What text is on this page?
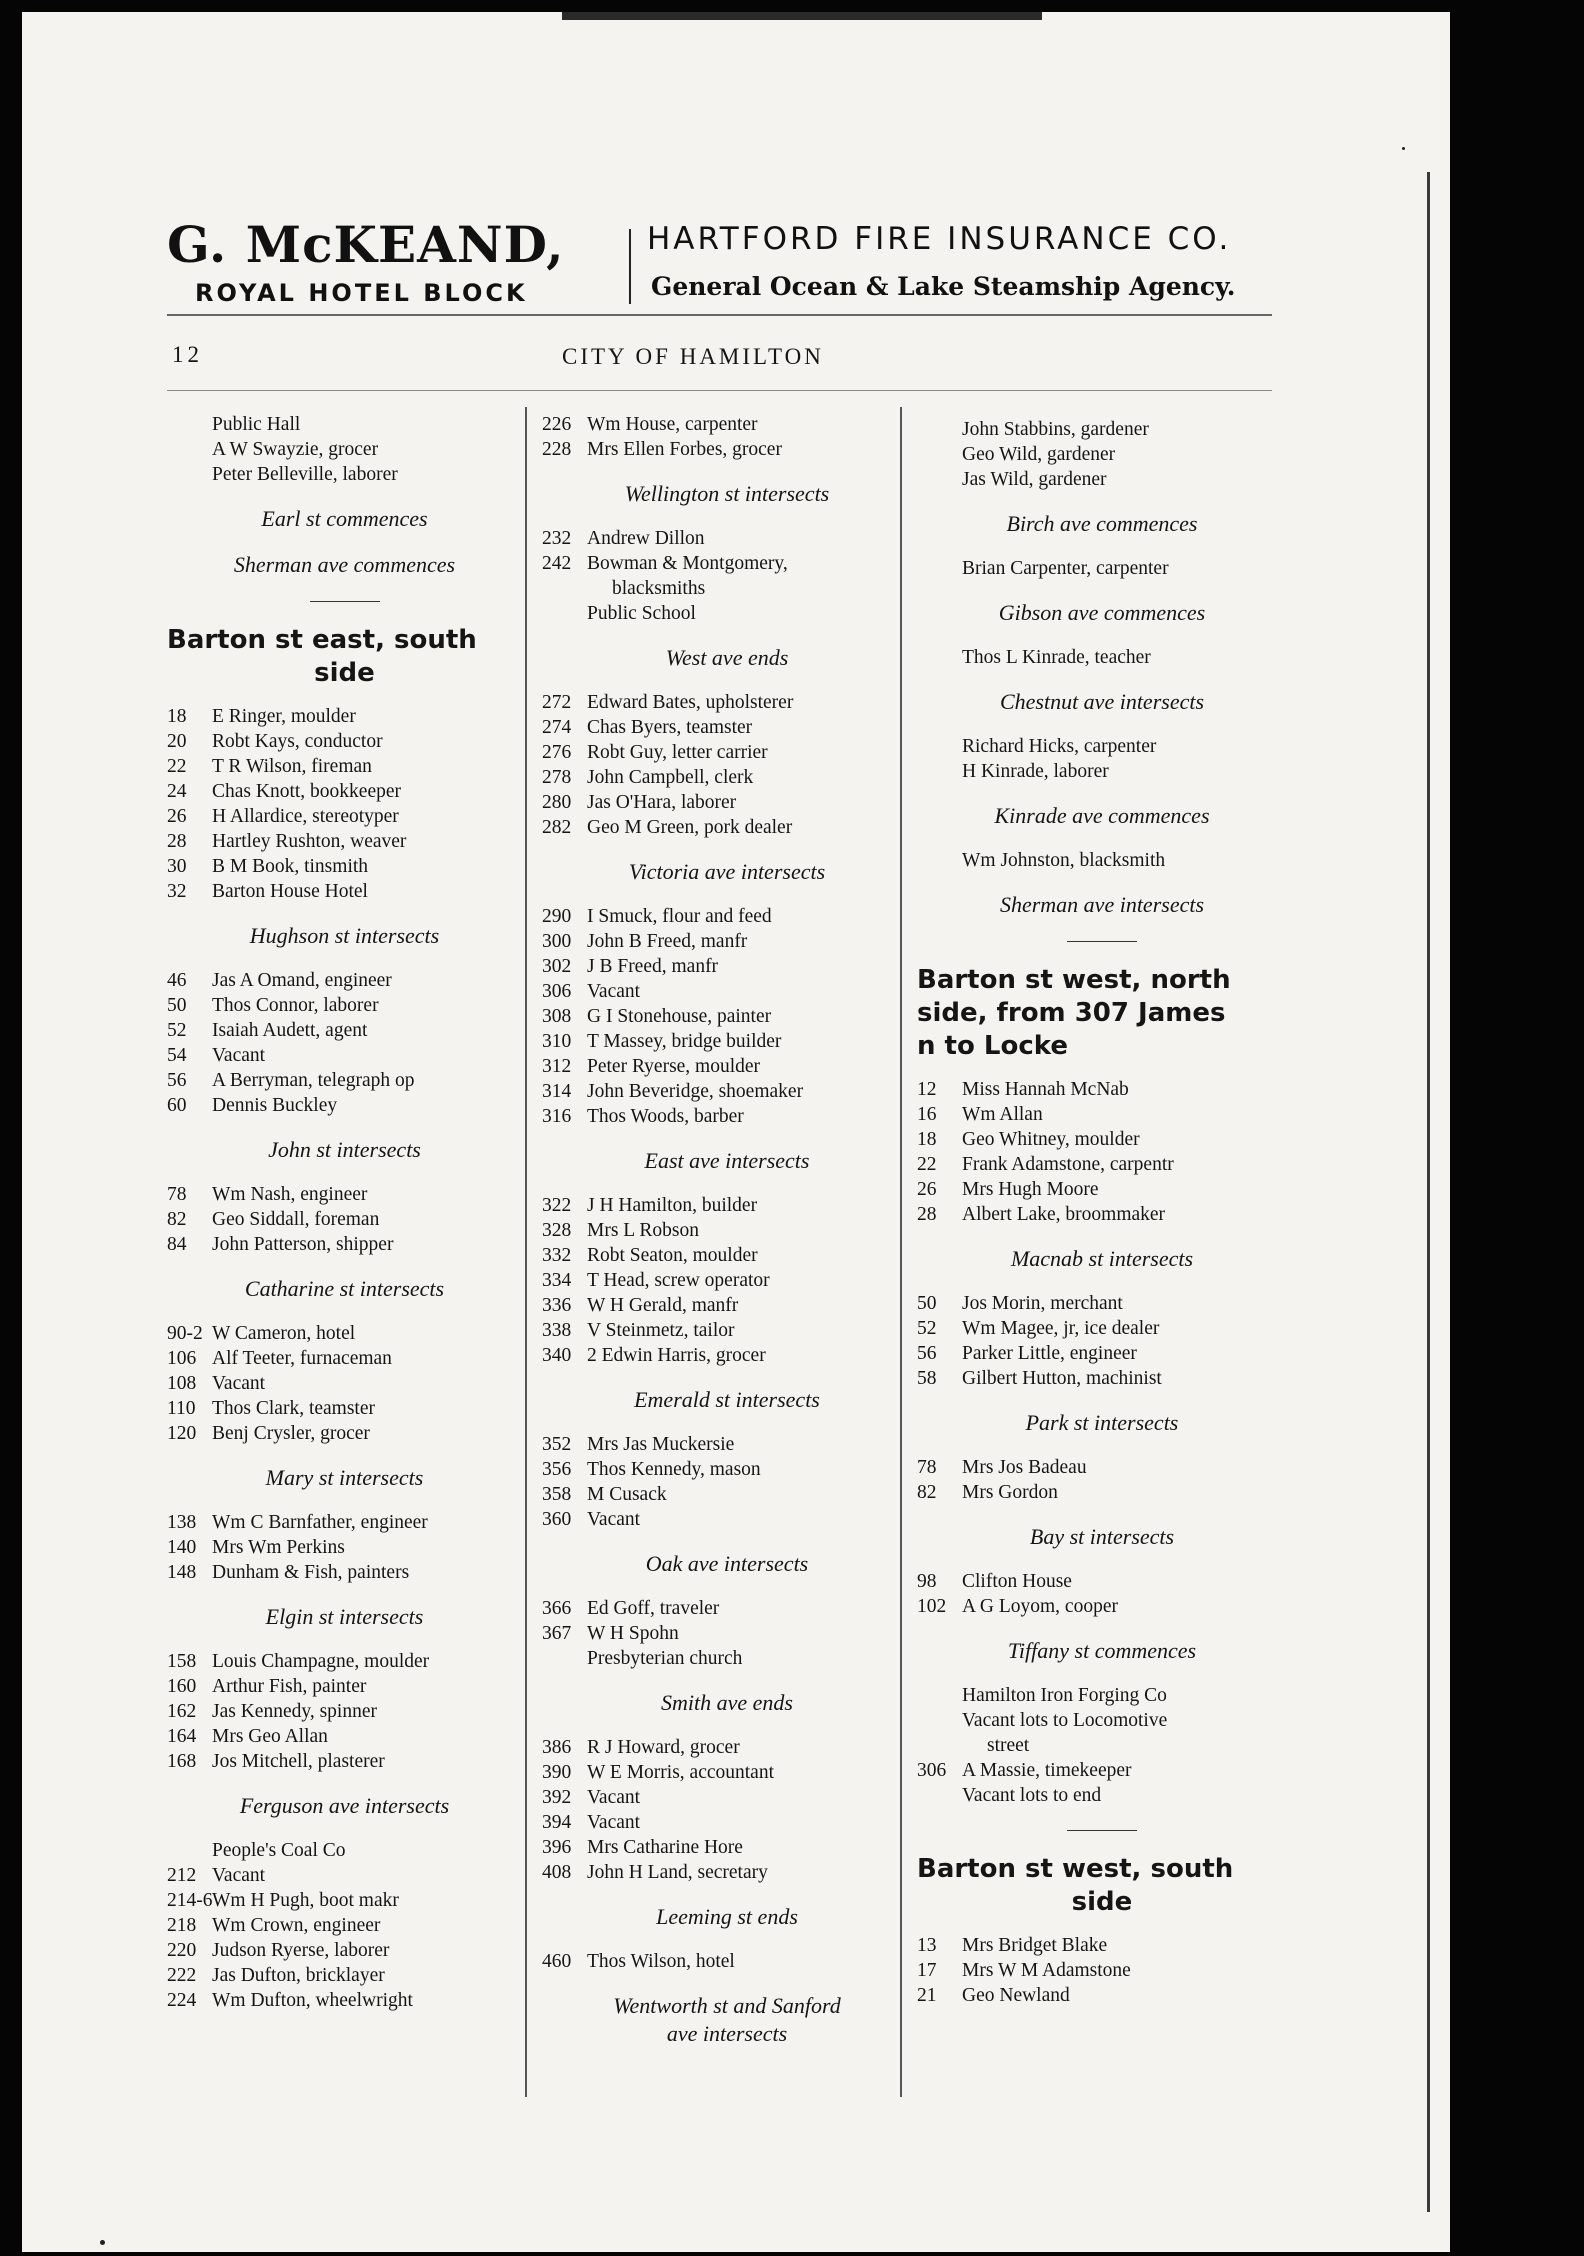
G. McKEAND,
ROYAL HOTEL BLOCK
HARTFORD FIRE INSURANCE CO.
General Ocean & Lake Steamship Agency.
12	CITY OF HAMILTON
Public Hall
A W Swayzie, grocer
Peter Belleville, laborer
Earl st commences
Sherman ave commences
Barton st east, south
side
18 E Ringer, moulder
20 Robt Kays, conductor
22 T R Wilson, fireman
24 Chas Knott, bookkeeper
26 H Allardice, stereotyper
28 Hartley Rushton, weaver
30 B M Book, tinsmith
32 Barton House Hotel
Hughson st intersects
46 Jas A Omand, engineer
50 Thos Connor, laborer
52 Isaiah Audett, agent
54 Vacant
56 A Berryman, telegraph op
60 Dennis Buckley
John st intersects
78 Wm Nash, engineer
82 Geo Siddall, foreman
84 John Patterson, shipper
Catharine st intersects
90-2 W Cameron, hotel
106 Alf Teeter, furnaceman
108 Vacant
110 Thos Clark, teamster
120 Benj Crysler, grocer
Mary st intersects
138 Wm C Barnfather, engineer
140 Mrs Wm Perkins
148 Dunham & Fish, painters
Elgin st intersects
158 Louis Champagne, moulder
160 Arthur Fish, painter
162 Jas Kennedy, spinner
164 Mrs Geo Allan
168 Jos Mitchell, plasterer
Ferguson ave intersects
People's Coal Co
212 Vacant
214-6Wm H Pugh, boot makr
218 Wm Crown, engineer
220 Judson Ryerse, laborer
222 Jas Dufton, bricklayer
224 Wm Dufton, wheelwright
226 Wm House, carpenter
228 Mrs Ellen Forbes, grocer
Wellington st intersects
232 Andrew Dillon
242 Bowman & Montgomery,
blacksmiths
Public School
West ave ends
272 Edward Bates, upholsterer
274 Chas Byers, teamster
276 Robt Guy, letter carrier
278 John Campbell, clerk
280 Jas O'Hara, laborer
282 Geo M Green, pork dealer
Victoria ave intersects
290 I Smuck, flour and feed
300 John B Freed, manfr
302 J B Freed, manfr
306 Vacant
308 G I Stonehouse, painter
310 T Massey, bridge builder
312 Peter Ryerse, moulder
314 John Beveridge, shoemaker
316 Thos Woods, barber
East ave intersects
322 J H Hamilton, builder
328 Mrs L Robson
332 Robt Seaton, moulder
334 T Head, screw operator
336 W H Gerald, manfr
338 V Steinmetz, tailor
340 2 Edwin Harris, grocer
Emerald st intersects
352 Mrs Jas Muckersie
356 Thos Kennedy, mason
358 M Cusack
360 Vacant
Oak ave intersects
366 Ed Goff, traveler
367 W H Spohn
Presbyterian church
Smith ave ends
386 R J Howard, grocer
390 W E Morris, accountant
392 Vacant
394 Vacant
396 Mrs Catharine Hore
408 John H Land, secretary
Leeming st ends
460 Thos Wilson, hotel
Wentworth st and Sanford
ave intersects
John Stabbins, gardener
Geo Wild, gardener
Jas Wild, gardener
Birch ave commences
Brian Carpenter, carpenter
Gibson ave commences
Thos L Kinrade, teacher
Chestnut ave intersects
Richard Hicks, carpenter
H Kinrade, laborer
Kinrade ave commences
Wm Johnston, blacksmith
Sherman ave intersects
Barton st west, north
side, from 307 James
n to Locke
12 Miss Hannah McNab
16 Wm Allan
18 Geo Whitney, moulder
22 Frank Adamstone, carpentr
26 Mrs Hugh Moore
28 Albert Lake, broommaker
Macnab st intersects
50 Jos Morin, merchant
52 Wm Magee, jr, ice dealer
56 Parker Little, engineer
58 Gilbert Hutton, machinist
Park st intersects
78 Mrs Jos Badeau
82 Mrs Gordon
Bay st intersects
98 Clifton House
102 A G Loyom, cooper
Tiffany st commences
Hamilton Iron Forging Co
Vacant lots to Locomotive
street
306 A Massie, timekeeper
Vacant lots to end
Barton st west, south
side
13 Mrs Bridget Blake
17 Mrs W M Adamstone
21 Geo Newland
